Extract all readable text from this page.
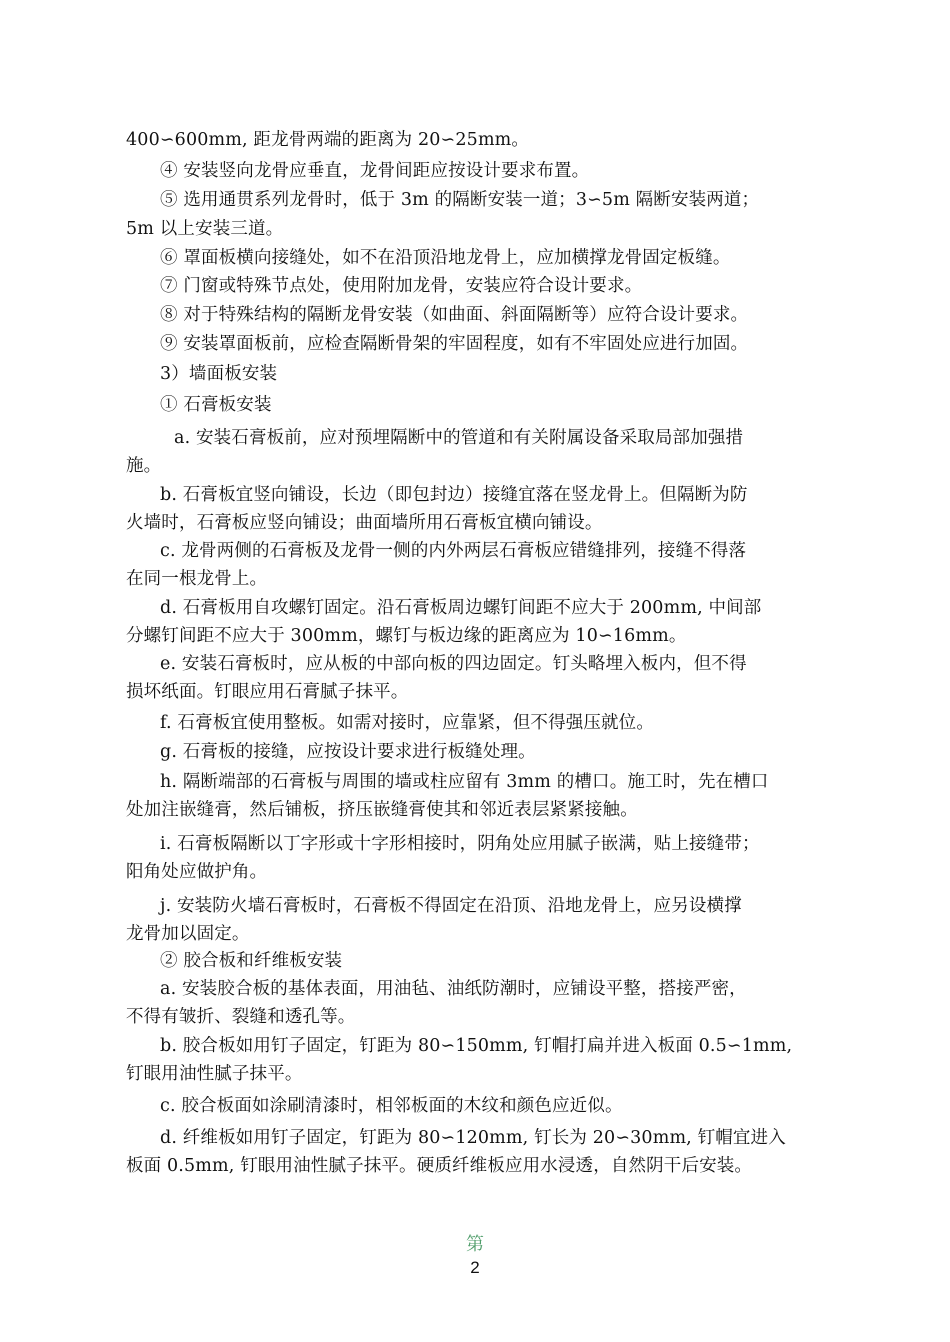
400∽600mm, 距龙骨两端的距离为 20∽25mm。
④ 安装竖向龙骨应垂直，龙骨间距应按设计要求布置。
⑤ 选用通贯系列龙骨时，低于 3m 的隔断安装一道；3∽5m 隔断安装两道；
5m 以上安装三道。
⑥ 罩面板横向接缝处，如不在沿顶沿地龙骨上，应加横撑龙骨固定板缝。
⑦ 门窗或特殊节点处，使用附加龙骨，安装应符合设计要求。
⑧ 对于特殊结构的隔断龙骨安装（如曲面、斜面隔断等）应符合设计要求。
⑨ 安装罩面板前，应检查隔断骨架的牢固程度，如有不牢固处应进行加固。
3）墙面板安装
① 石膏板安装
a. 安装石膏板前，应对预埋隔断中的管道和有关附属设备采取局部加强措
施。
b. 石膏板宜竖向铺设，长边（即包封边）接缝宜落在竖龙骨上。但隔断为防
火墙时，石膏板应竖向铺设；曲面墙所用石膏板宜横向铺设。
c. 龙骨两侧的石膏板及龙骨一侧的内外两层石膏板应错缝排列，接缝不得落
在同一根龙骨上。
d. 石膏板用自攻螺钉固定。沿石膏板周边螺钉间距不应大于 200mm, 中间部
分螺钉间距不应大于 300mm，螺钉与板边缘的距离应为 10∽16mm。
e. 安装石膏板时，应从板的中部向板的四边固定。钉头略埋入板内，但不得
损坏纸面。钉眼应用石膏腻子抹平。
f. 石膏板宜使用整板。如需对接时，应靠紧，但不得强压就位。
g. 石膏板的接缝，应按设计要求进行板缝处理。
h. 隔断端部的石膏板与周围的墙或柱应留有 3mm 的槽口。施工时，先在槽口
处加注嵌缝膏，然后铺板，挤压嵌缝膏使其和邻近表层紧紧接触。
i. 石膏板隔断以丁字形或十字形相接时，阴角处应用腻子嵌满，贴上接缝带；
阳角处应做护角。
j. 安装防火墙石膏板时，石膏板不得固定在沿顶、沿地龙骨上，应另设横撑
龙骨加以固定。
② 胶合板和纤维板安装
a. 安装胶合板的基体表面，用油毡、油纸防潮时，应铺设平整，搭接严密，
不得有皱折、裂缝和透孔等。
b. 胶合板如用钉子固定，钉距为 80∽150mm, 钉帽打扁并进入板面 0.5∽1mm,
钉眼用油性腻子抹平。
c. 胶合板面如涂刷清漆时，相邻板面的木纹和颜色应近似。
d. 纤维板如用钉子固定，钉距为 80∽120mm, 钉长为 20∽30mm, 钉帽宜进入
板面 0.5mm, 钉眼用油性腻子抹平。硬质纤维板应用水浸透，自然阴干后安装。
第
2
